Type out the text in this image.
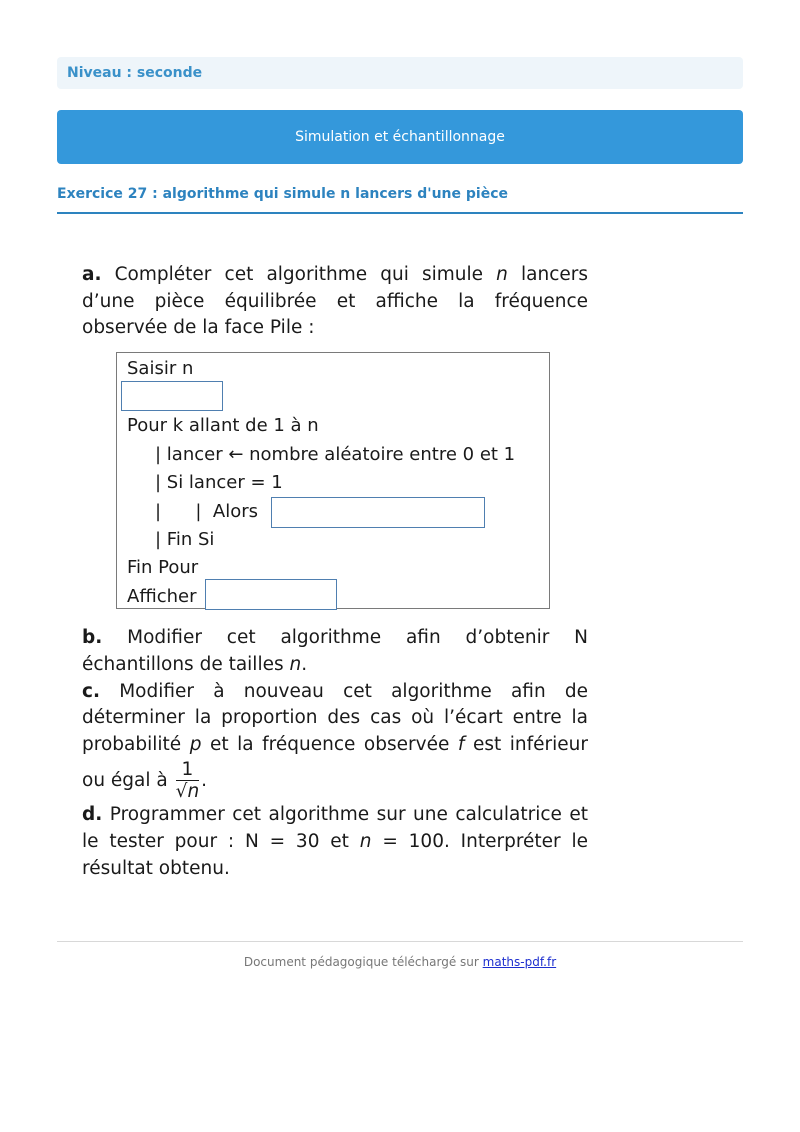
Niveau : seconde
Simulation et échantillonnage
Exercice 27 : algorithme qui simule n lancers d'une pièce
a. Compléter cet algorithme qui simule n lancers d’une pièce équilibrée et affiche la fréquence observée de la face Pile :
Saisir n
Pour k allant de 1 à n
| lancer ← nombre aléatoire entre 0 et 1
| Si lancer = 1
|      |  Alors
| Fin Si
Fin Pour
Afficher
b. Modifier cet algorithme afin d’obtenir N échantillons de tailles n.
c. Modifier à nouveau cet algorithme afin de déterminer la proportion des cas où l’écart entre la probabilité p et la fréquence observée f est inférieur ou égal à $\frac{1}{√n}$ .
d. Programmer cet algorithme sur une calculatrice et le tester pour : N = 30 et n = 100. Interpréter le résultat obtenu.
Document pédagogique téléchargé sur maths-pdf.fr
